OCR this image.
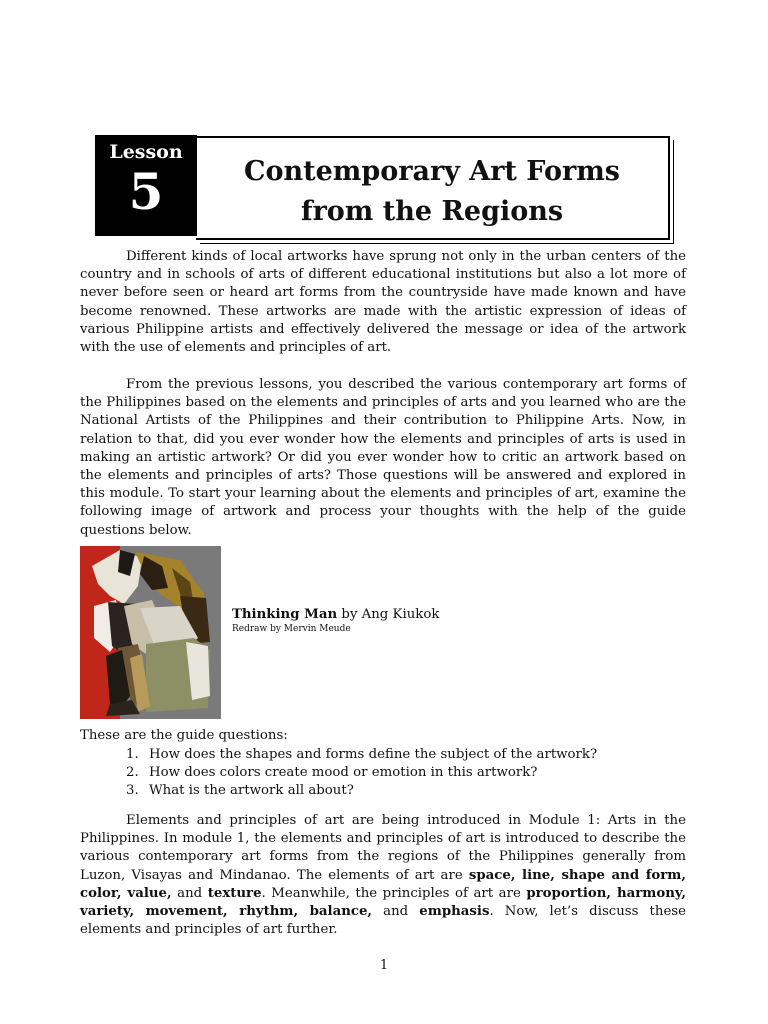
Lesson
5	Contemporary Art Forms
from the Regions

Different kinds of local artworks have sprung not only in the urban centers of the country and in schools of arts of different educational institutions but also a lot more of never before seen or heard art forms from the countryside have made known and have become renowned. These artworks are made with the artistic expression of ideas of various Philippine artists and effectively delivered the message or idea of the artwork with the use of elements and principles of art.

From the previous lessons, you described the various contemporary art forms of the Philippines based on the elements and principles of arts and you learned who are the National Artists of the Philippines and their contribution to Philippine Arts. Now, in relation to that, did you ever wonder how the elements and principles of arts is used in making an artistic artwork? Or did you ever wonder how to critic an artwork based on the elements and principles of arts? Those questions will be answered and explored in this module. To start your learning about the elements and principles of art, examine the following image of artwork and process your thoughts with the help of the guide questions below.

Thinking Man by Ang Kiukok
Redraw by Mervin Meude
These are the guide questions:
1. How does the shapes and forms define the subject of the artwork?
2. How does colors create mood or emotion in this artwork?
3. What is the artwork all about?

Elements and principles of art are being introduced in Module 1: Arts in the Philippines. In module 1, the elements and principles of art is introduced to describe the various contemporary art forms from the regions of the Philippines generally from Luzon, Visayas and Mindanao. The elements of art are space, line, shape and form, color, value, and texture. Meanwhile, the principles of art are proportion, harmony, variety, movement, rhythm, balance, and emphasis. Now, let’s discuss these elements and principles of art further.

1
